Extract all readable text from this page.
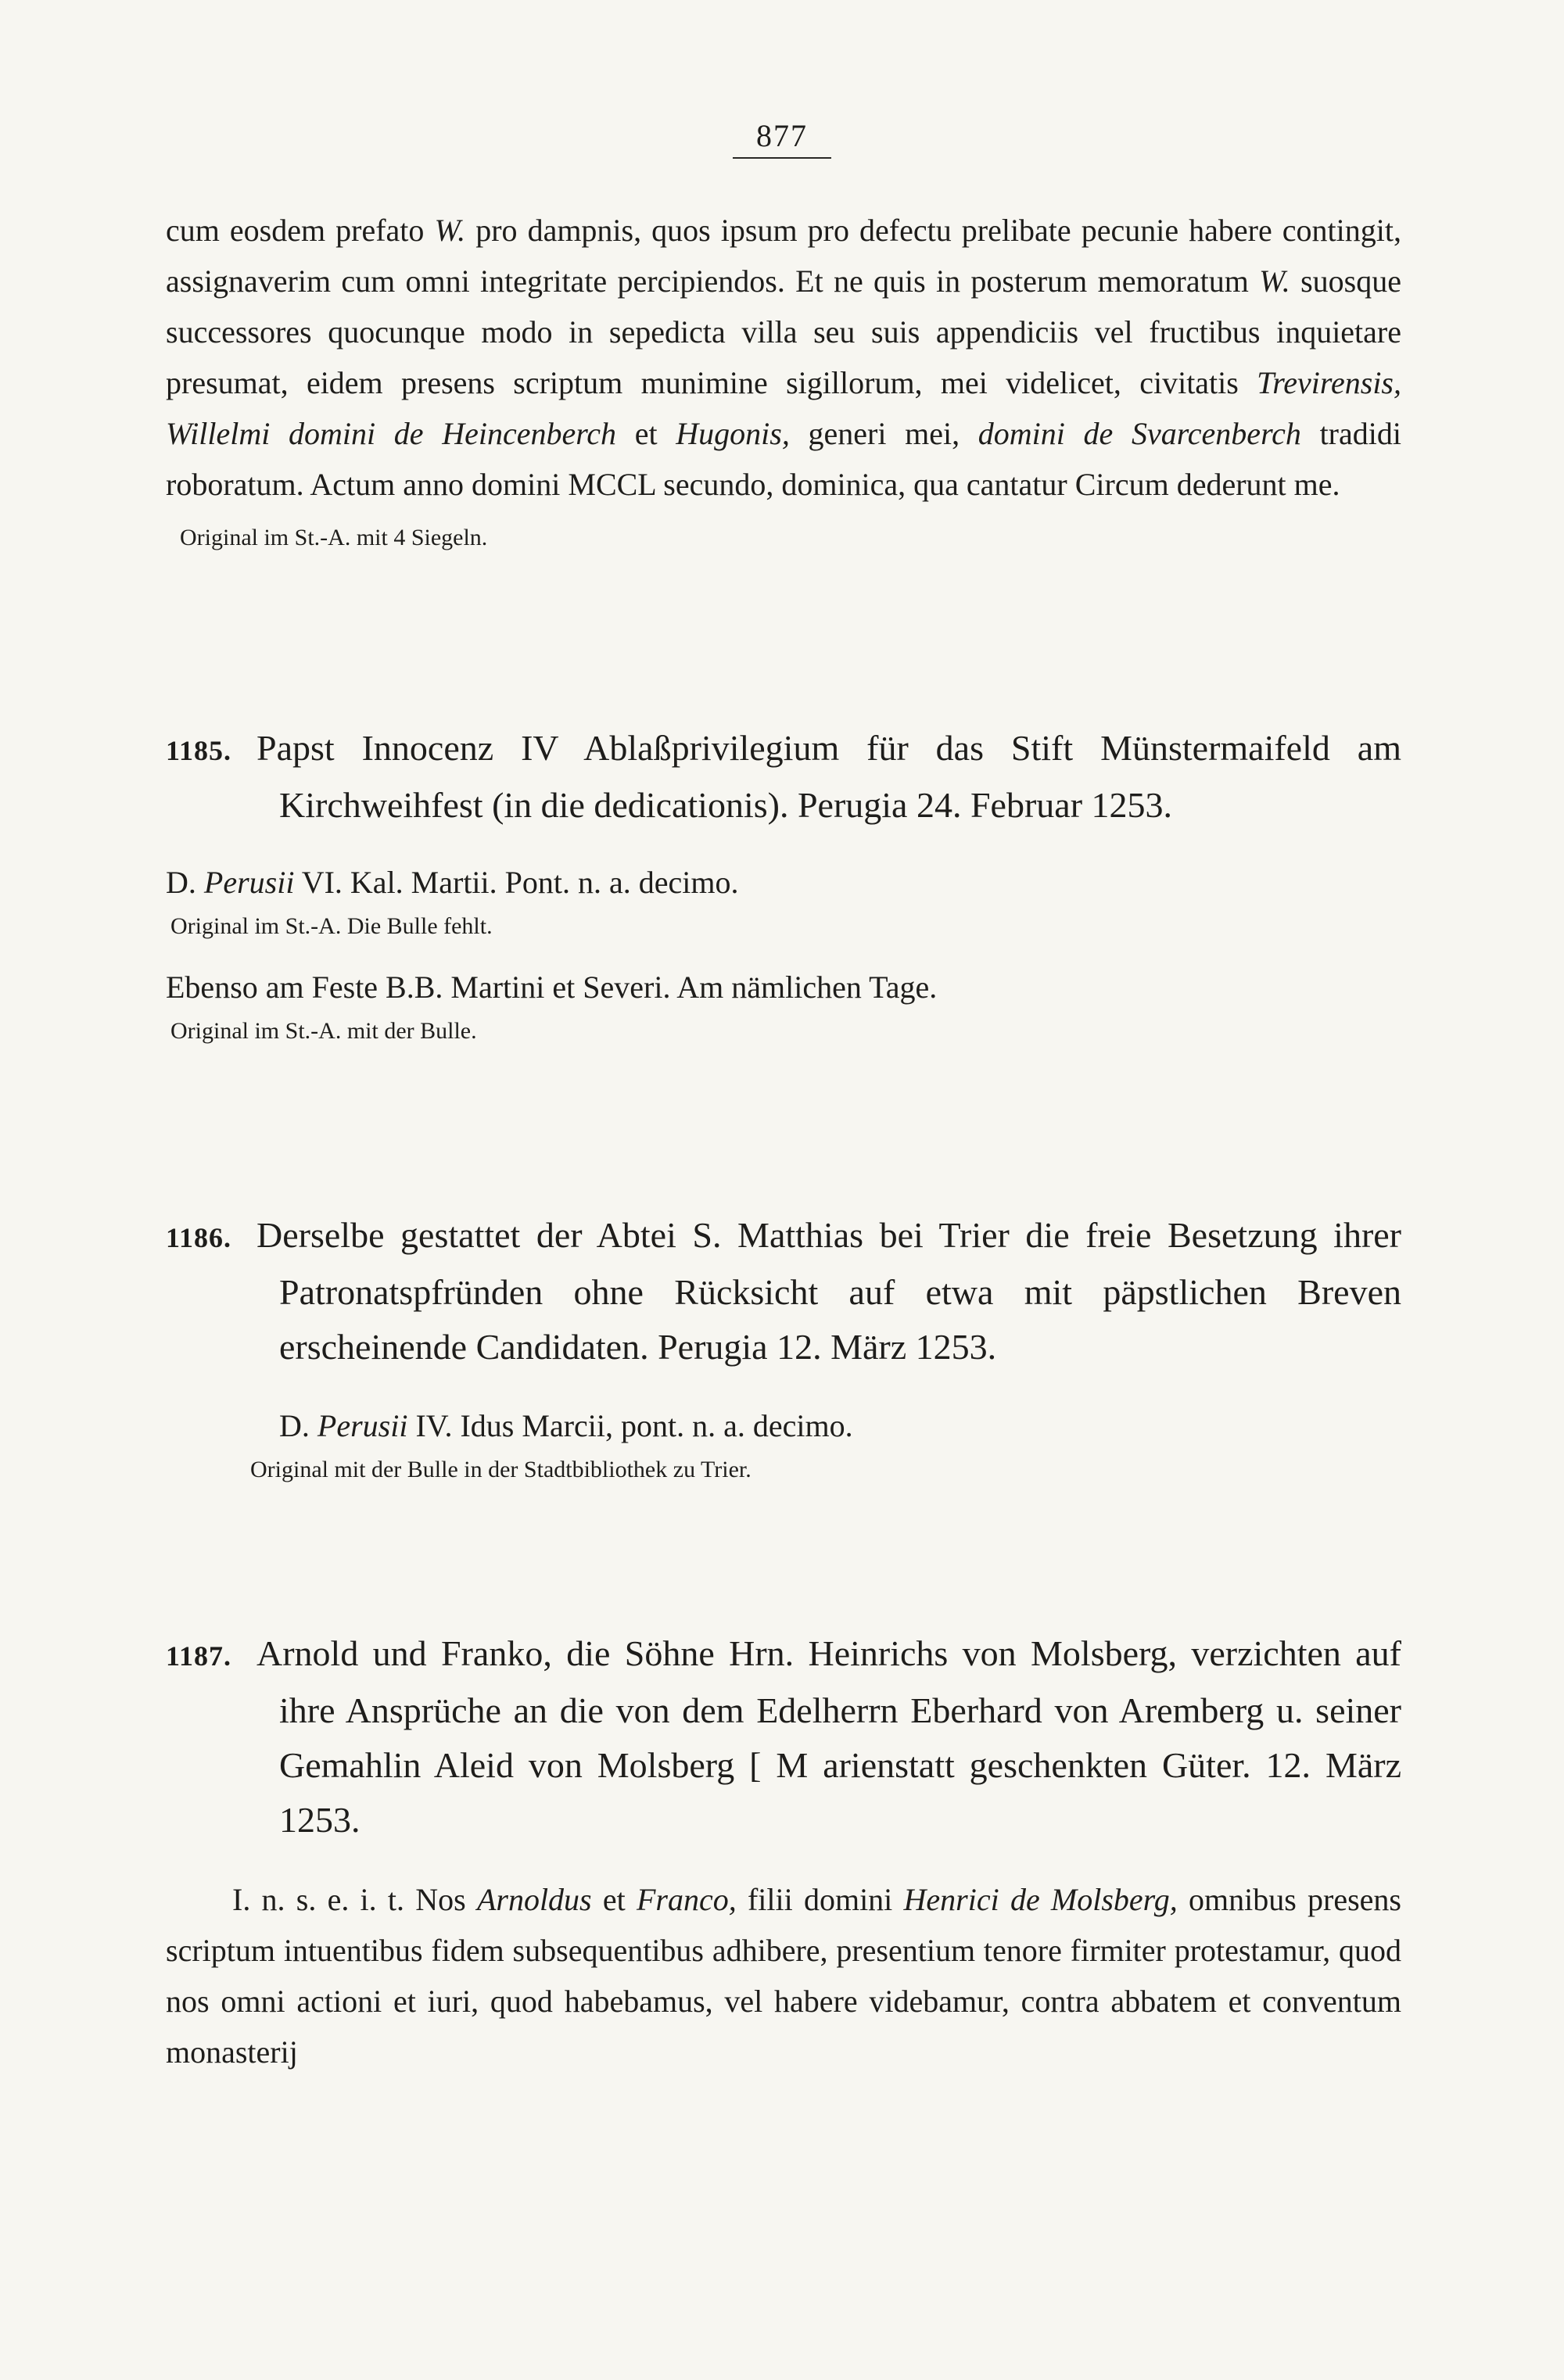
877

cum eosdem prefato W. pro dampnis, quos ipsum pro defectu prelibate pecunie habere contingit, assignaverim cum omni integritate percipiendos. Et ne quis in posterum memoratum W. suosque successores quocunque modo in sepedicta villa seu suis appendiciis vel fructibus inquietare presumat, eidem presens scriptum munimine sigillorum, mei videlicet, civitatis Trevirensis, Willelmi domini de Heincenberch et Hugonis, generi mei, domini de Svarcenberch tradidi roboratum. Actum anno domini MCCL secundo, dominica, qua cantatur Circum dederunt me.

Original im St.-A. mit 4 Siegeln.

1185. Papst Innocenz IV Ablaßprivilegium für das Stift Münstermaifeld am Kirchweihfest (in die dedicationis). Perugia 24. Februar 1253.

D. Perusii VI. Kal. Martii. Pont. n. a. decimo.

Original im St.-A. Die Bulle fehlt.

Ebenso am Feste B.B. Martini et Severi. Am nämlichen Tage.

Original im St.-A. mit der Bulle.

1186. Derselbe gestattet der Abtei S. Matthias bei Trier die freie Besetzung ihrer Patronatspfründen ohne Rücksicht auf etwa mit päpstlichen Breven erscheinende Candidaten. Perugia 12. März 1253.

D. Perusii IV. Idus Marcii, pont. n. a. decimo.

Original mit der Bulle in der Stadtbibliothek zu Trier.

1187. Arnold und Franko, die Söhne Hrn. Heinrichs von Molsberg, verzichten auf ihre Ansprüche an die von dem Edelherrn Eberhard von Aremberg u. seiner Gemahlin Aleid von Molsberg [ M arienstatt geschenkten Güter. 12. März 1253.

I. n. s. e. i. t. Nos Arnoldus et Franco, filii domini Henrici de Molsberg, omnibus presens scriptum intuentibus fidem subsequentibus adhibere, presentium tenore firmiter protestamur, quod nos omni actioni et iuri, quod habebamus, vel habere videbamur, contra abbatem et conventum monasterij
